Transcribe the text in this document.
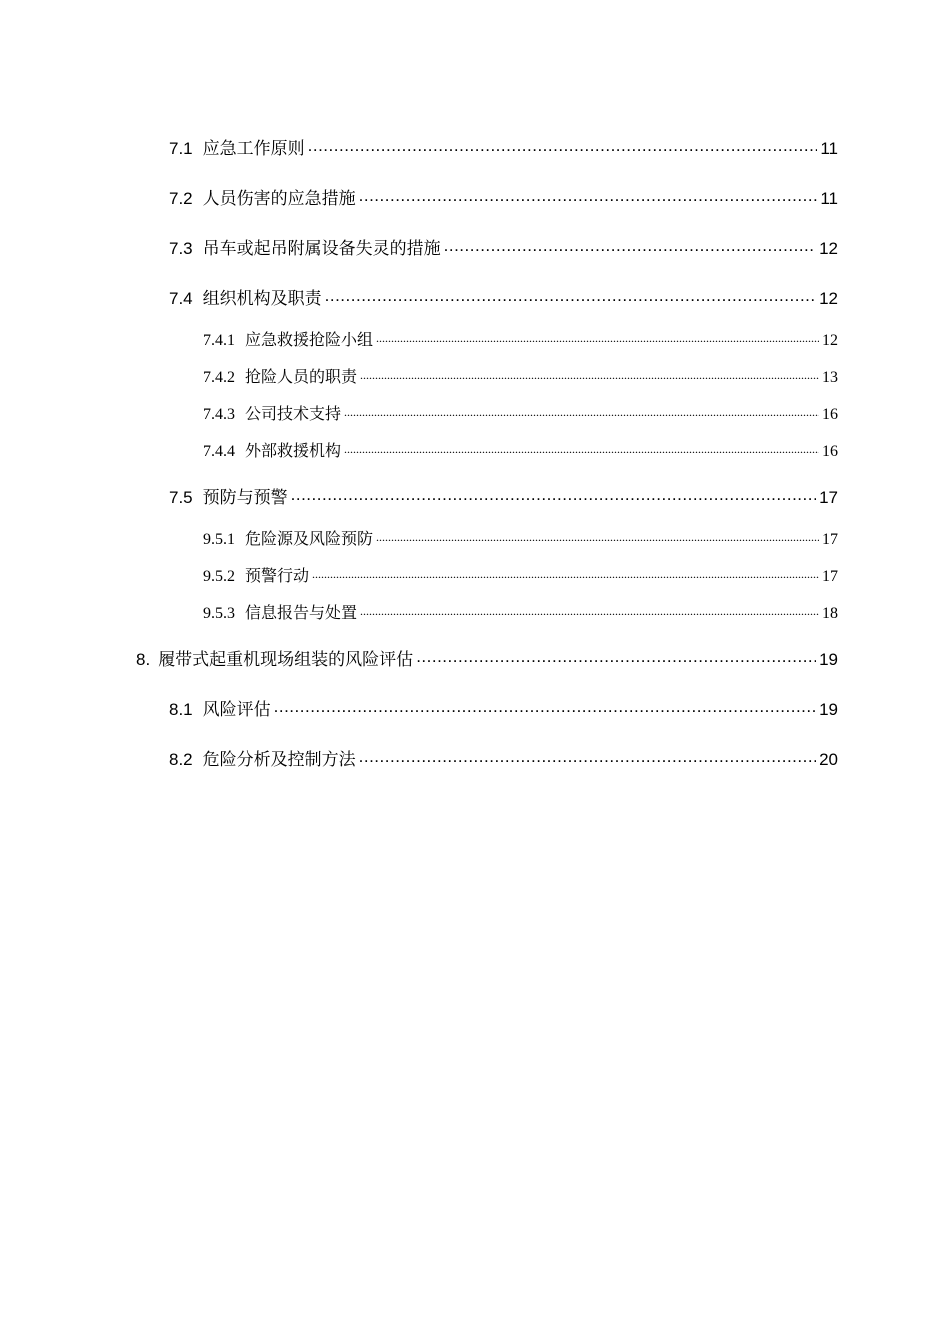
7.1 应急工作原则 .....	11
7.2 人员伤害的应急措施 .....	11
7.3 吊车或起吊附属设备失灵的措施 .....	12
7.4 组织机构及职责 .....	12
7.4.1 应急救援抢险小组 .....	12
7.4.2 抢险人员的职责 .....	13
7.4.3 公司技术支持 .....	16
7.4.4 外部救援机构 .....	16
7.5 预防与预警 .....	17
9.5.1 危险源及风险预防 .....	17
9.5.2 预警行动 .....	17
9.5.3 信息报告与处置 .....	18
8. 履带式起重机现场组装的风险评估 .....	19
8.1 风险评估 .....	19
8.2 危险分析及控制方法 .....	20
